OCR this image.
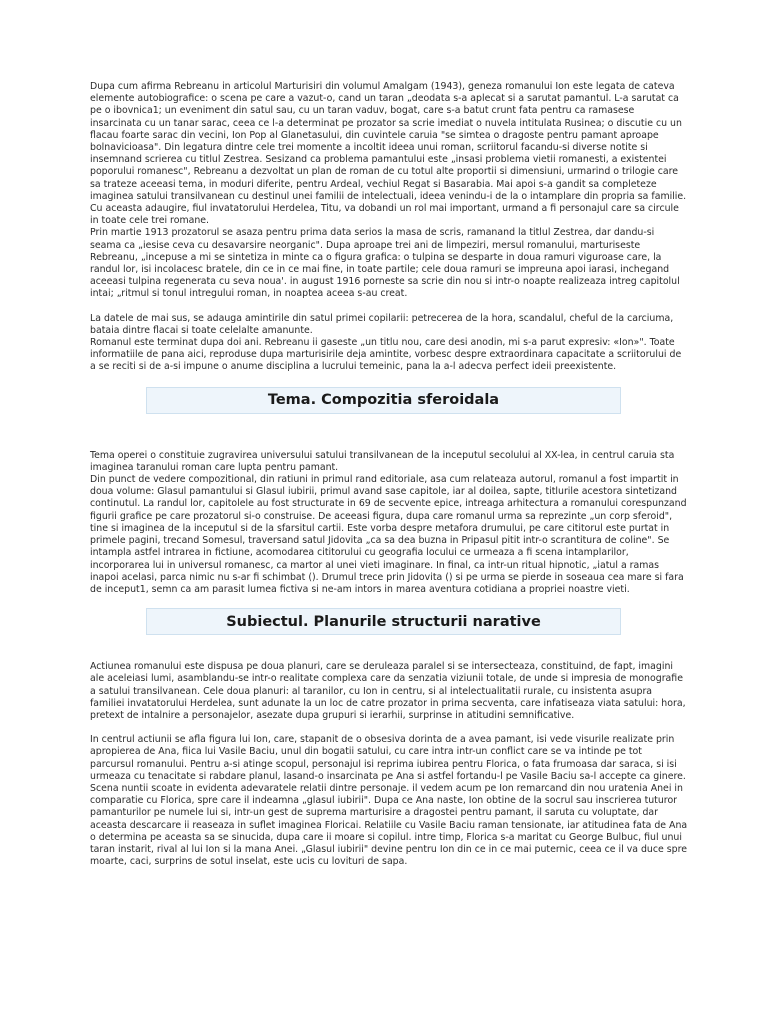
Dupa cum afirma Rebreanu in articolul Marturisiri din volumul Amalgam (1943), geneza romanului Ion este legata de cateva elemente autobiografice: o scena pe care a vazut-o, cand un taran „deodata s-a aplecat si a sarutat pamantul. L-a sarutat ca pe o ibovnica1; un eveniment din satul sau, cu un taran vaduv, bogat, care s-a batut crunt fata pentru ca ramasese insarcinata cu un tanar sarac, ceea ce l-a determinat pe prozator sa scrie imediat o nuvela intitulata Rusinea; o discutie cu un flacau foarte sarac din vecini, Ion Pop al Glanetasului, din cuvintele caruia "se simtea o dragoste pentru pamant aproape bolnavicioasa". Din legatura dintre cele trei momente a incoltit ideea unui roman, scriitorul facandu-si diverse notite si insemnand scrierea cu titlul Zestrea. Sesizand ca problema pamantului este „insasi problema vietii romanesti, a existentei poporului romanesc", Rebreanu a dezvoltat un plan de roman de cu totul alte proportii si dimensiuni, urmarind o trilogie care sa trateze aceeasi tema, in moduri diferite, pentru Ardeal, vechiul Regat si Basarabia. Mai apoi s-a gandit sa completeze imaginea satului transilvanean cu destinul unei familii de intelectuali, ideea venindu-i de la o intamplare din propria sa familie. Cu aceasta adaugire, fiul invatatorului Herdelea, Titu, va dobandi un rol mai important, urmand a fi personajul care sa circule in toate cele trei romane.

Prin martie 1913 prozatorul se asaza pentru prima data serios la masa de scris, ramanand la titlul Zestrea, dar dandu-si seama ca „iesise ceva cu desavarsire neorganic". Dupa aproape trei ani de limpeziri, mersul romanului, marturiseste Rebreanu, „incepuse a mi se sintetiza in minte ca o figura grafica: o tulpina se desparte in doua ramuri viguroase care, la randul lor, isi incolacesc bratele, din ce in ce mai fine, in toate partile; cele doua ramuri se impreuna apoi iarasi, inchegand aceeasi tulpina regenerata cu seva noua'. in august 1916 porneste sa scrie din nou si intr-o noapte realizeaza intreg capitolul intai; „ritmul si tonul intregului roman, in noaptea aceea s-au creat.

La datele de mai sus, se adauga amintirile din satul primei copilarii: petrecerea de la hora, scandalul, cheful de la carciuma, bataia dintre flacai si toate celelalte amanunte.

Romanul este terminat dupa doi ani. Rebreanu ii gaseste „un titlu nou, care desi anodin, mi s-a parut expresiv: «Ion»". Toate informatiile de pana aici, reproduse dupa marturisirile deja amintite, vorbesc despre extraordinara capacitate a scriitorului de a se reciti si de a-si impune o anume disciplina a lucrului temeinic, pana la a-l adecva perfect ideii preexistente.

Tema. Compozitia sferoidala

Tema operei o constituie zugravirea universului satului transilvanean de la inceputul secolului al XX-lea, in centrul caruia sta imaginea taranului roman care lupta pentru pamant.

Din punct de vedere compozitional, din ratiuni in primul rand editoriale, asa cum relateaza autorul, romanul a fost impartit in doua volume: Glasul pamantului si Glasul iubirii, primul avand sase capitole, iar al doilea, sapte, titlurile acestora sintetizand continutul. La randul lor, capitolele au fost structurate in 69 de secvente epice, intreaga arhitectura a romanului corespunzand figurii grafice pe care prozatorul si-o construise. De aceeasi figura, dupa care romanul urma sa reprezinte „un corp sferoid", tine si imaginea de la inceputul si de la sfarsitul cartii. Este vorba despre metafora drumului, pe care cititorul este purtat in primele pagini, trecand Somesul, traversand satul Jidovita „ca sa dea buzna in Pripasul pitit intr-o scrantitura de coline". Se intampla astfel intrarea in fictiune, acomodarea cititorului cu geografia locului ce urmeaza a fi scena intamplarilor, incorporarea lui in universul romanesc, ca martor al unei vieti imaginare. In final, ca intr-un ritual hipnotic, „iatul a ramas inapoi acelasi, parca nimic nu s-ar fi schimbat (). Drumul trece prin Jidovita () si pe urma se pierde in soseaua cea mare si fara de inceput1, semn ca am parasit lumea fictiva si ne-am intors in marea aventura cotidiana a propriei noastre vieti.

Subiectul. Planurile structurii narative

Actiunea romanului este dispusa pe doua planuri, care se deruleaza paralel si se intersecteaza, constituind, de fapt, imagini ale aceleiasi lumi, asamblandu-se intr-o realitate complexa care da senzatia viziunii totale, de unde si impresia de monografie a satului transilvanean. Cele doua planuri: al taranilor, cu Ion in centru, si al intelectualitatii rurale, cu insistenta asupra familiei invatatorului Herdelea, sunt adunate la un loc de catre prozator in prima secventa, care infatiseaza viata satului: hora, pretext de intalnire a personajelor, asezate dupa grupuri si ierarhii, surprinse in atitudini semnificative.

In centrul actiunii se afla figura lui Ion, care, stapanit de o obsesiva dorinta de a avea pamant, isi vede visurile realizate prin apropierea de Ana, fiica lui Vasile Baciu, unul din bogatii satului, cu care intra intr-un conflict care se va intinde pe tot parcursul romanului. Pentru a-si atinge scopul, personajul isi reprima iubirea pentru Florica, o fata frumoasa dar saraca, si isi urmeaza cu tenacitate si rabdare planul, lasand-o insarcinata pe Ana si astfel fortandu-l pe Vasile Baciu sa-l accepte ca ginere. Scena nuntii scoate in evidenta adevaratele relatii dintre personaje. il vedem acum pe Ion remarcand din nou uratenia Anei in comparatie cu Florica, spre care il indeamna „glasul iubirii". Dupa ce Ana naste, Ion obtine de la socrul sau inscrierea tuturor pamanturilor pe numele lui si, intr-un gest de suprema marturisire a dragostei pentru pamant, il saruta cu voluptate, dar aceasta descarcare ii reaseaza in suflet imaginea Floricai. Relatiile cu Vasile Baciu raman tensionate, iar atitudinea fata de Ana o determina pe aceasta sa se sinucida, dupa care ii moare si copilul. intre timp, Florica s-a maritat cu George Bulbuc, fiul unui taran instarit, rival al lui Ion si la mana Anei. „Glasul iubirii" devine pentru Ion din ce in ce mai puternic, ceea ce il va duce spre moarte, caci, surprins de sotul inselat, este ucis cu lovituri de sapa.
